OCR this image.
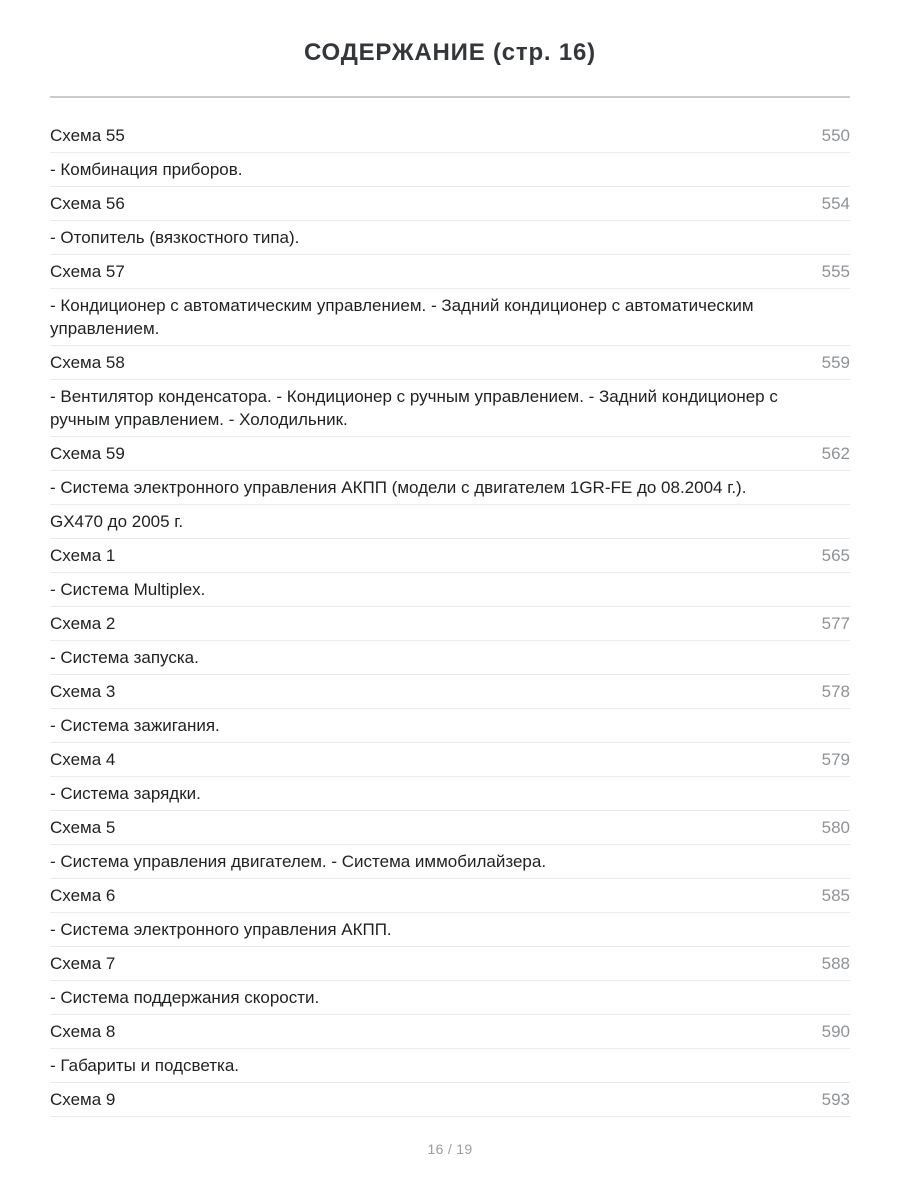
СОДЕРЖАНИЕ (стр. 16)
Схема 55	550
- Комбинация приборов.
Схема 56	554
- Отопитель (вязкостного типа).
Схема 57	555
- Кондиционер с автоматическим управлением. - Задний кондиционер с автоматическим управлением.
Схема 58	559
- Вентилятор конденсатора. - Кондиционер с ручным управлением. - Задний кондиционер с ручным управлением. - Холодильник.
Схема 59	562
- Система электронного управления АКПП (модели с двигателем 1GR-FE до 08.2004 г.).
GX470 до 2005 г.
Схема 1	565
- Система Multiplex.
Схема 2	577
- Система запуска.
Схема 3	578
- Система зажигания.
Схема 4	579
- Система зарядки.
Схема 5	580
- Система управления двигателем. - Система иммобилайзера.
Схема 6	585
- Система электронного управления АКПП.
Схема 7	588
- Система поддержания скорости.
Схема 8	590
- Габариты и подсветка.
Схема 9	593
16 / 19
